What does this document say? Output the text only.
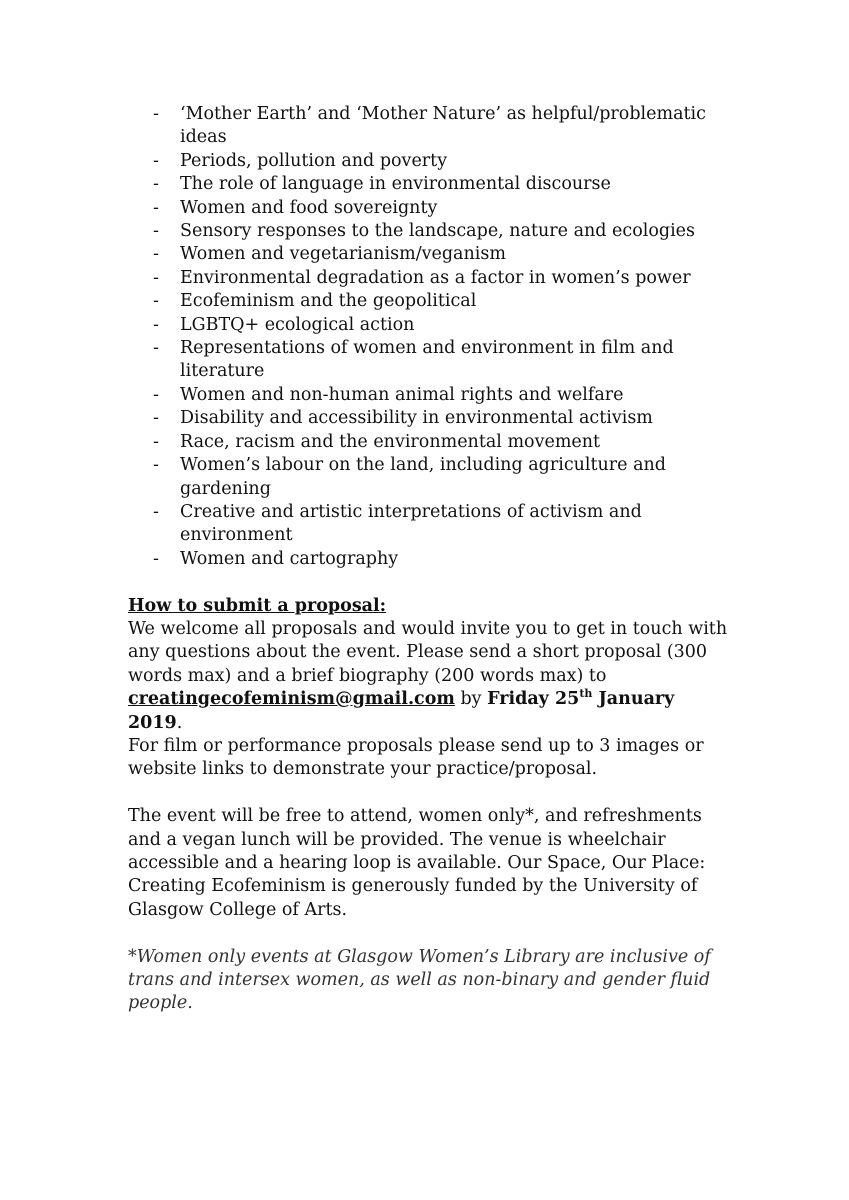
- ‘Mother Earth’ and ‘Mother Nature’ as helpful/problematic ideas
- Periods, pollution and poverty
- The role of language in environmental discourse
- Women and food sovereignty
- Sensory responses to the landscape, nature and ecologies
- Women and vegetarianism/veganism
- Environmental degradation as a factor in women’s power
- Ecofeminism and the geopolitical
- LGBTQ+ ecological action
- Representations of women and environment in film and literature
- Women and non-human animal rights and welfare
- Disability and accessibility in environmental activism
- Race, racism and the environmental movement
- Women’s labour on the land, including agriculture and gardening
- Creative and artistic interpretations of activism and environment
- Women and cartography

How to submit a proposal:

We welcome all proposals and would invite you to get in touch with any questions about the event. Please send a short proposal (300 words max) and a brief biography (200 words max) to creatingecofeminism@gmail.com by Friday 25th January 2019.
For film or performance proposals please send up to 3 images or website links to demonstrate your practice/proposal.

The event will be free to attend, women only*, and refreshments and a vegan lunch will be provided. The venue is wheelchair accessible and a hearing loop is available. Our Space, Our Place: Creating Ecofeminism is generously funded by the University of Glasgow College of Arts.

*Women only events at Glasgow Women’s Library are inclusive of trans and intersex women, as well as non-binary and gender fluid people.
